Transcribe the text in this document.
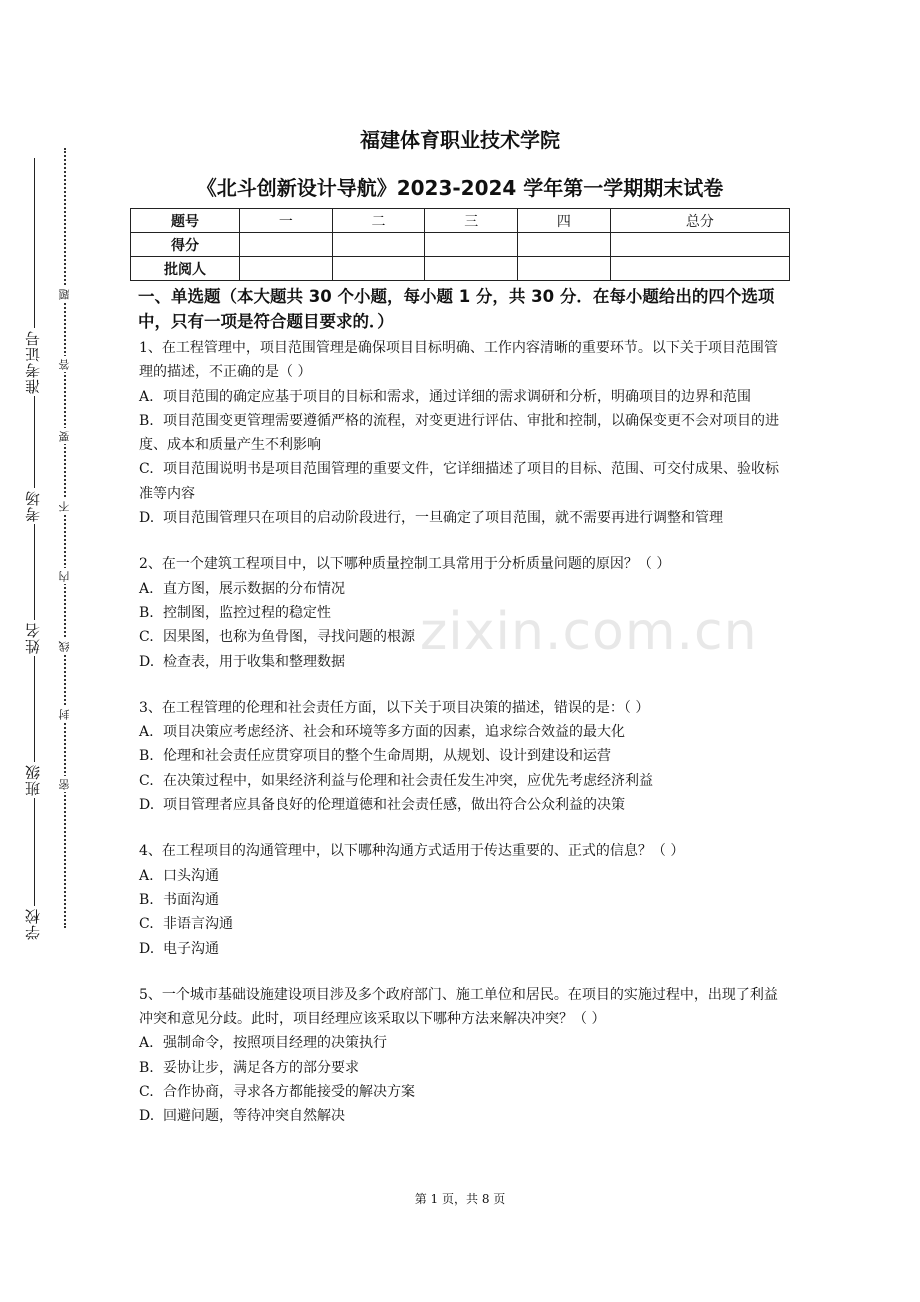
准考证号
考场
姓名
班级
学校
题
答
要
不
内
线
封
密
福建体育职业技术学院
《北斗创新设计导航》2023-2024 学年第一学期期末试卷
题号	一	二	三	四	总分
得分					
批阅人					
zixin.com.cn
一、单选题（本大题共 30 个小题，每小题 1 分，共 30 分．在每小题给出的四个选项中，只有一项是符合题目要求的．）
1、在工程管理中，项目范围管理是确保项目目标明确、工作内容清晰的重要环节。以下关于项目范围管理的描述，不正确的是（ ）
A. 项目范围的确定应基于项目的目标和需求，通过详细的需求调研和分析，明确项目的边界和范围
B. 项目范围变更管理需要遵循严格的流程，对变更进行评估、审批和控制，以确保变更不会对项目的进度、成本和质量产生不利影响
C. 项目范围说明书是项目范围管理的重要文件，它详细描述了项目的目标、范围、可交付成果、验收标准等内容
D. 项目范围管理只在项目的启动阶段进行，一旦确定了项目范围，就不需要再进行调整和管理
2、在一个建筑工程项目中，以下哪种质量控制工具常用于分析质量问题的原因？（ ）
A. 直方图，展示数据的分布情况
B. 控制图，监控过程的稳定性
C. 因果图，也称为鱼骨图，寻找问题的根源
D. 检查表，用于收集和整理数据
3、在工程管理的伦理和社会责任方面，以下关于项目决策的描述，错误的是：（ ）
A. 项目决策应考虑经济、社会和环境等多方面的因素，追求综合效益的最大化
B. 伦理和社会责任应贯穿项目的整个生命周期，从规划、设计到建设和运营
C. 在决策过程中，如果经济利益与伦理和社会责任发生冲突，应优先考虑经济利益
D. 项目管理者应具备良好的伦理道德和社会责任感，做出符合公众利益的决策
4、在工程项目的沟通管理中，以下哪种沟通方式适用于传达重要的、正式的信息？（ ）
A. 口头沟通
B. 书面沟通
C. 非语言沟通
D. 电子沟通
5、一个城市基础设施建设项目涉及多个政府部门、施工单位和居民。在项目的实施过程中，出现了利益冲突和意见分歧。此时，项目经理应该采取以下哪种方法来解决冲突？（ ）
A. 强制命令，按照项目经理的决策执行
B. 妥协让步，满足各方的部分要求
C. 合作协商，寻求各方都能接受的解决方案
D. 回避问题，等待冲突自然解决
第 1 页，共 8 页
